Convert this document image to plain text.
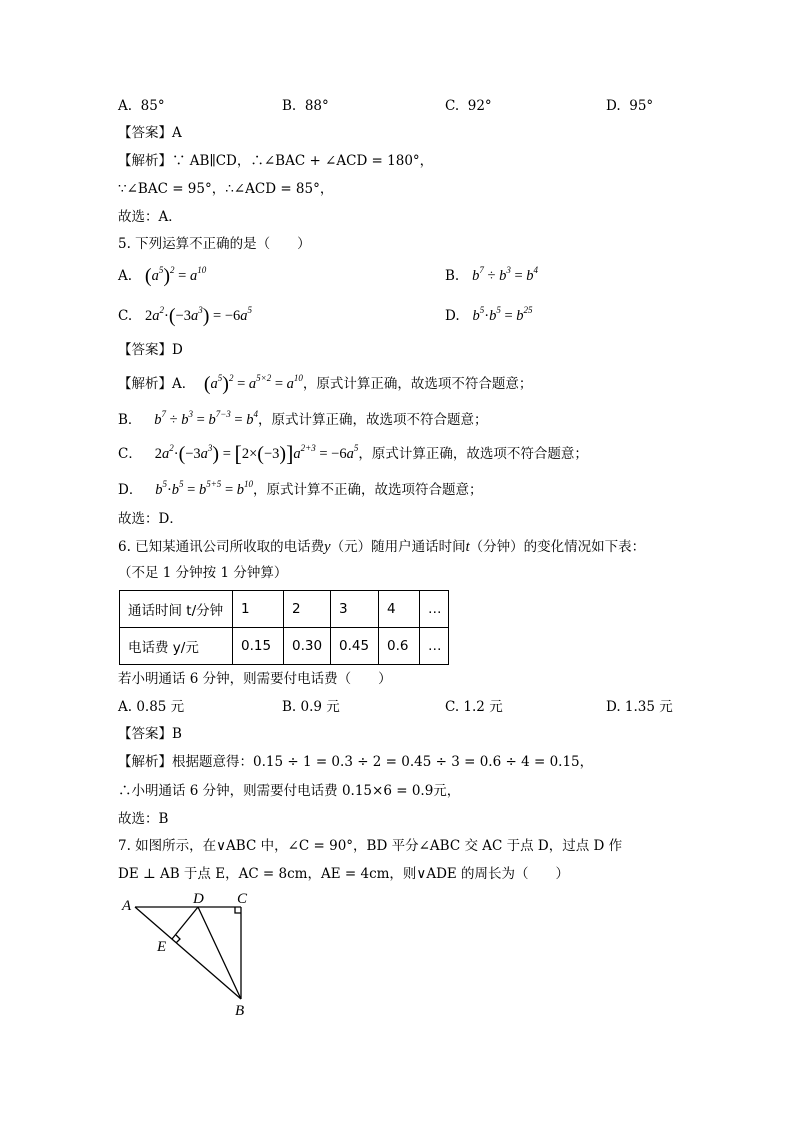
A. 85°	B. 88°	C. 92°	D. 95°
【答案】A
【解析】∵ AB∥CD，∴∠BAC + ∠ACD = 180°，
∵∠BAC = 95°，∴∠ACD = 85°，
故选：A．
5. 下列运算不正确的是（　　）
A. $(a^5)^2 = a^{10}$	B. $b^7 \div b^3 = b^4$
C. $2a^2\cdot(-3a^3) = -6a^5$	D. $b^5\cdot b^5 = b^{25}$
【答案】D
【解析】A． $(a^5)^2 = a^{5\times 2} = a^{10}$，原式计算正确，故选项不符合题意；
B． $b^7 \div b^3 = b^{7-3} = b^4$，原式计算正确，故选项不符合题意；
C． $2a^2\cdot(-3a^3) = [2\times(-3)]a^{2+3} = -6a^5$，原式计算正确，故选项不符合题意；
D． $b^5\cdot b^5 = b^{5+5} = b^{10}$，原式计算不正确，故选项符合题意；
故选：D．
6. 已知某通讯公司所收取的电话费y（元）随用户通话时间t（分钟）的变化情况如下表：
（不足 1 分钟按 1 分钟算）
通话时间 t/分钟	1	2	3	4	…
电话费 y/元	0.15	0.30	0.45	0.6	…
若小明通话 6 分钟，则需要付电话费（　　）
A. 0.85 元	B. 0.9 元	C. 1.2 元	D. 1.35 元
【答案】B
【解析】根据题意得：0.15 ÷ 1 = 0.3 ÷ 2 = 0.45 ÷ 3 = 0.6 ÷ 4 = 0.15，
∴小明通话 6 分钟，则需要付电话费 0.15×6 = 0.9元，
故选：B
7. 如图所示，在∨ABC 中，∠C = 90°，BD 平分∠ABC 交 AC 于点 D，过点 D 作
DE ⊥ AB 于点 E，AC = 8cm，AE = 4cm，则∨ADE 的周长为（　　）
A	D C
E
B
